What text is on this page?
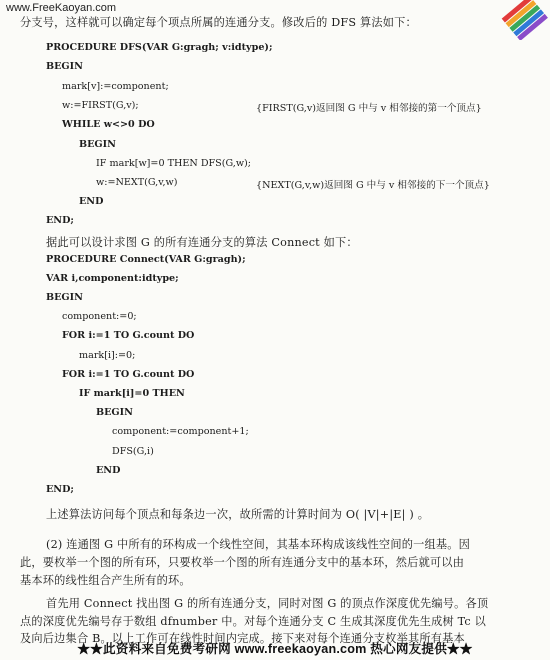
www.FreeKaoyan.com
分支号，这样就可以确定每个项点所属的连通分支。修改后的 DFS 算法如下：
PROCEDURE DFS(VAR G:gragh; v:idtype);
BEGIN
mark[v]:=component;
w:=FIRST(G,v);	{FIRST(G,v)返回图 G 中与 v 相邻接的第一个顶点}
WHILE w<>0 DO
BEGIN
IF mark[w]=0 THEN DFS(G,w);
w:=NEXT(G,v,w)	{NEXT(G,v,w)返回图 G 中与 v 相邻接的下一个顶点}
END
END;
据此可以设计求图 G 的所有连通分支的算法 Connect 如下：
PROCEDURE Connect(VAR G:gragh);
VAR i,component:idtype;
BEGIN
component:=0;
FOR i:=1 TO G.count DO
mark[i]:=0;
FOR i:=1 TO G.count DO
IF mark[i]=0 THEN
BEGIN
component:=component+1;
DFS(G,i)
END
END;
上述算法访问每个顶点和每条边一次，故所需的计算时间为 O( |V|+|E| ) 。
(2) 连通图 G 中所有的环构成一个线性空间，其基本环构成该线性空间的一组基。因
此，要枚举一个图的所有环，只要枚举一个图的所有连通分支中的基本环，然后就可以由
基本环的线性组合产生所有的环。
首先用 Connect 找出图 G 的所有连通分支，同时对图 G 的顶点作深度优先编号。各顶
点的深度优先编号存于数组 dfnumber 中。对每个连通分支 C 生成其深度优先生成树 Tc 以
及向后边集合 B。以上工作可在线性时间内完成。接下来对每个连通分支枚举其所有基本
★★此资料来自免费考研网 www.freekaoyan.com 热心网友提供★★
